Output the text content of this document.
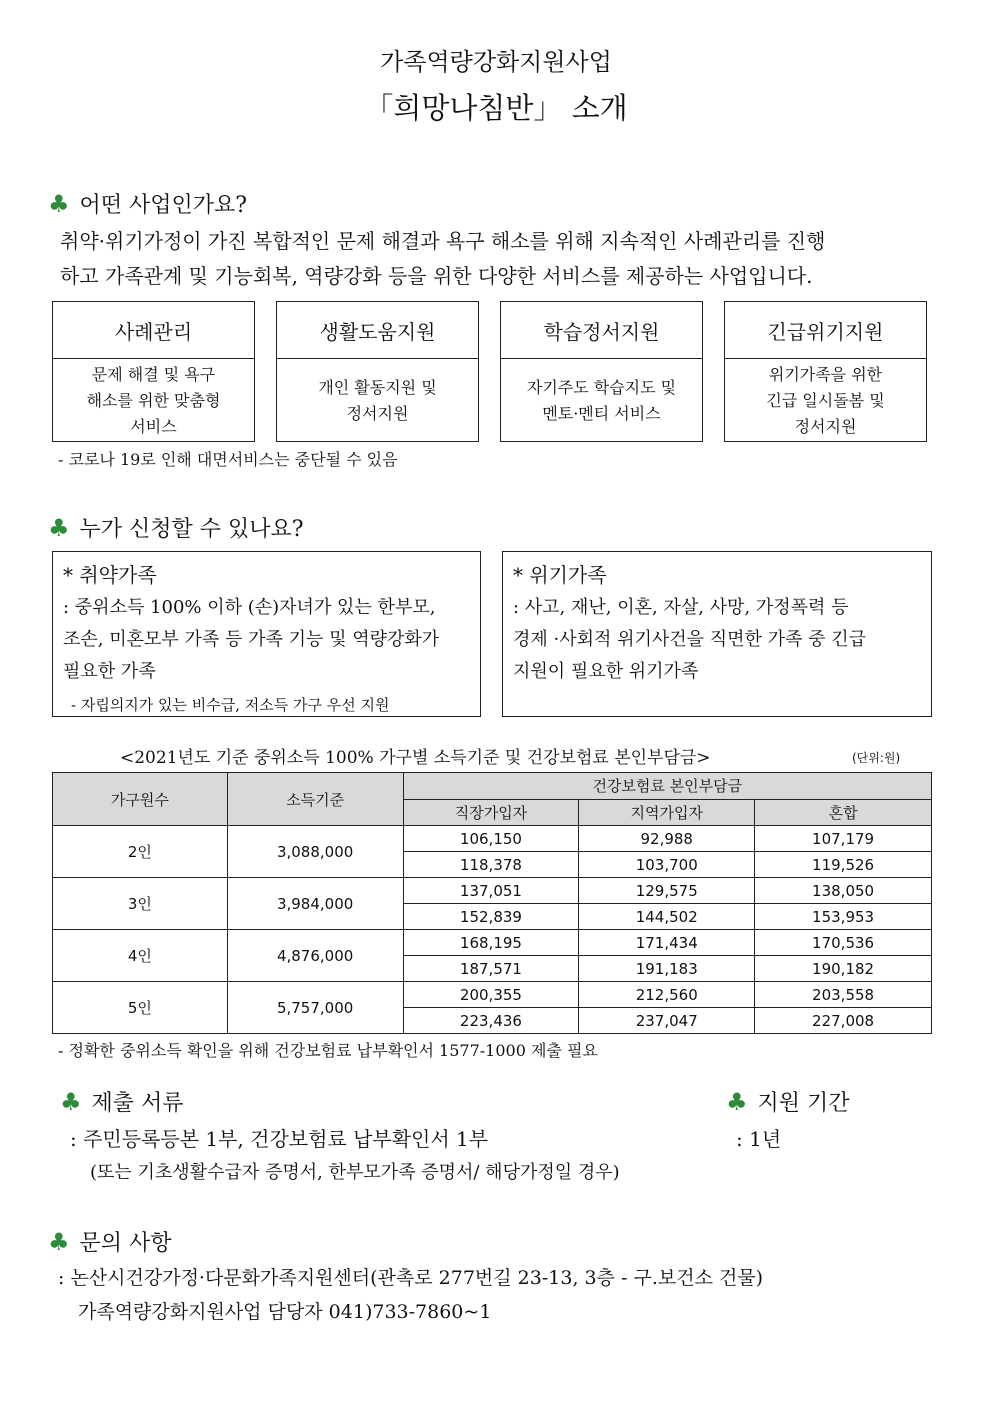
가족역량강화지원사업
「희망나침반」 소개
♣ 어떤 사업인가요?
취약·위기가정이 가진 복합적인 문제 해결과 욕구 해소를 위해 지속적인 사례관리를 진행
하고 가족관계 및 기능회복, 역량강화 등을 위한 다양한 서비스를 제공하는 사업입니다.
사례관리
문제 해결 및 욕구
해소를 위한 맞춤형
서비스
생활도움지원
개인 활동지원 및
정서지원
학습정서지원
자기주도 학습지도 및
멘토·멘티 서비스
긴급위기지원
위기가족을 위한
긴급 일시돌봄 및
정서지원
- 코로나 19로 인해 대면서비스는 중단될 수 있음
♣ 누가 신청할 수 있나요?
* 취약가족
: 중위소득 100% 이하 (손)자녀가 있는 한부모,
조손, 미혼모부 가족 등 가족 기능 및 역량강화가
필요한 가족
- 자립의지가 있는 비수급, 저소득 가구 우선 지원
* 위기가족
: 사고, 재난, 이혼, 자살, 사망, 가정폭력 등
경제 ·사회적 위기사건을 직면한 가족 중 긴급
지원이 필요한 위기가족
<2021년도 기준 중위소득 100% 가구별 소득기준 및 건강보험료 본인부담금>	(단위:원)
가구원수	소득기준	건강보험료 본인부담금		
		직장가입자	지역가입자	혼합
2인	3,088,000	106,150	92,988	107,179
		118,378	103,700	119,526
3인	3,984,000	137,051	129,575	138,050
		152,839	144,502	153,953
4인	4,876,000	168,195	171,434	170,536
		187,571	191,183	190,182
5인	5,757,000	200,355	212,560	203,558
		223,436	237,047	227,008
- 정확한 중위소득 확인을 위해 건강보험료 납부확인서 1577-1000 제출 필요
♣ 제출 서류
: 주민등록등본 1부, 건강보험료 납부확인서 1부
(또는 기초생활수급자 증명서, 한부모가족 증명서/ 해당가정일 경우)
♣ 지원 기간
: 1년
♣ 문의 사항
: 논산시건강가정·다문화가족지원센터(관촉로 277번길 23-13, 3층 - 구.보건소 건물)
가족역량강화지원사업 담당자 041)733-7860~1
